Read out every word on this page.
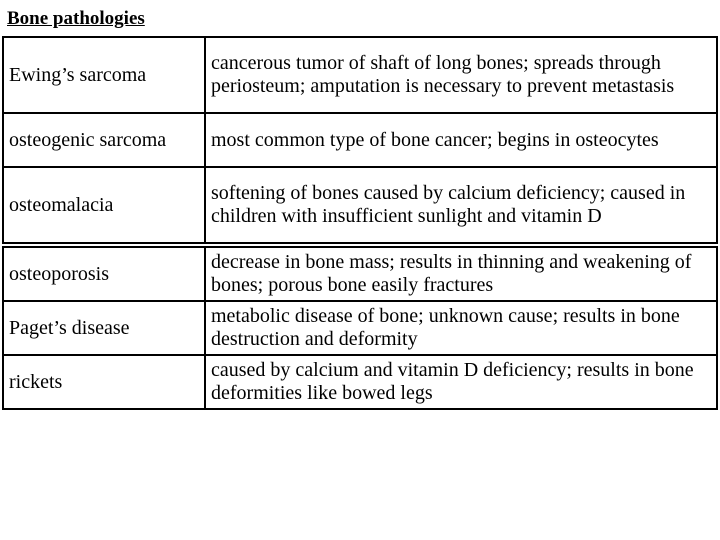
Bone pathologies
Ewing’s sarcoma	cancerous tumor of shaft of long bones; spreads through periosteum; amputation is necessary to prevent metastasis
osteogenic sarcoma	most common type of bone cancer; begins in osteocytes
osteomalacia	softening of bones caused by calcium deficiency; caused in children with insufficient sunlight and vitamin D
osteoporosis	decrease in bone mass; results in thinning and weakening of bones; porous bone easily fractures
Paget’s disease	metabolic disease of bone; unknown cause; results in bone destruction and deformity
rickets	caused by calcium and vitamin D deficiency; results in bone deformities like bowed legs
